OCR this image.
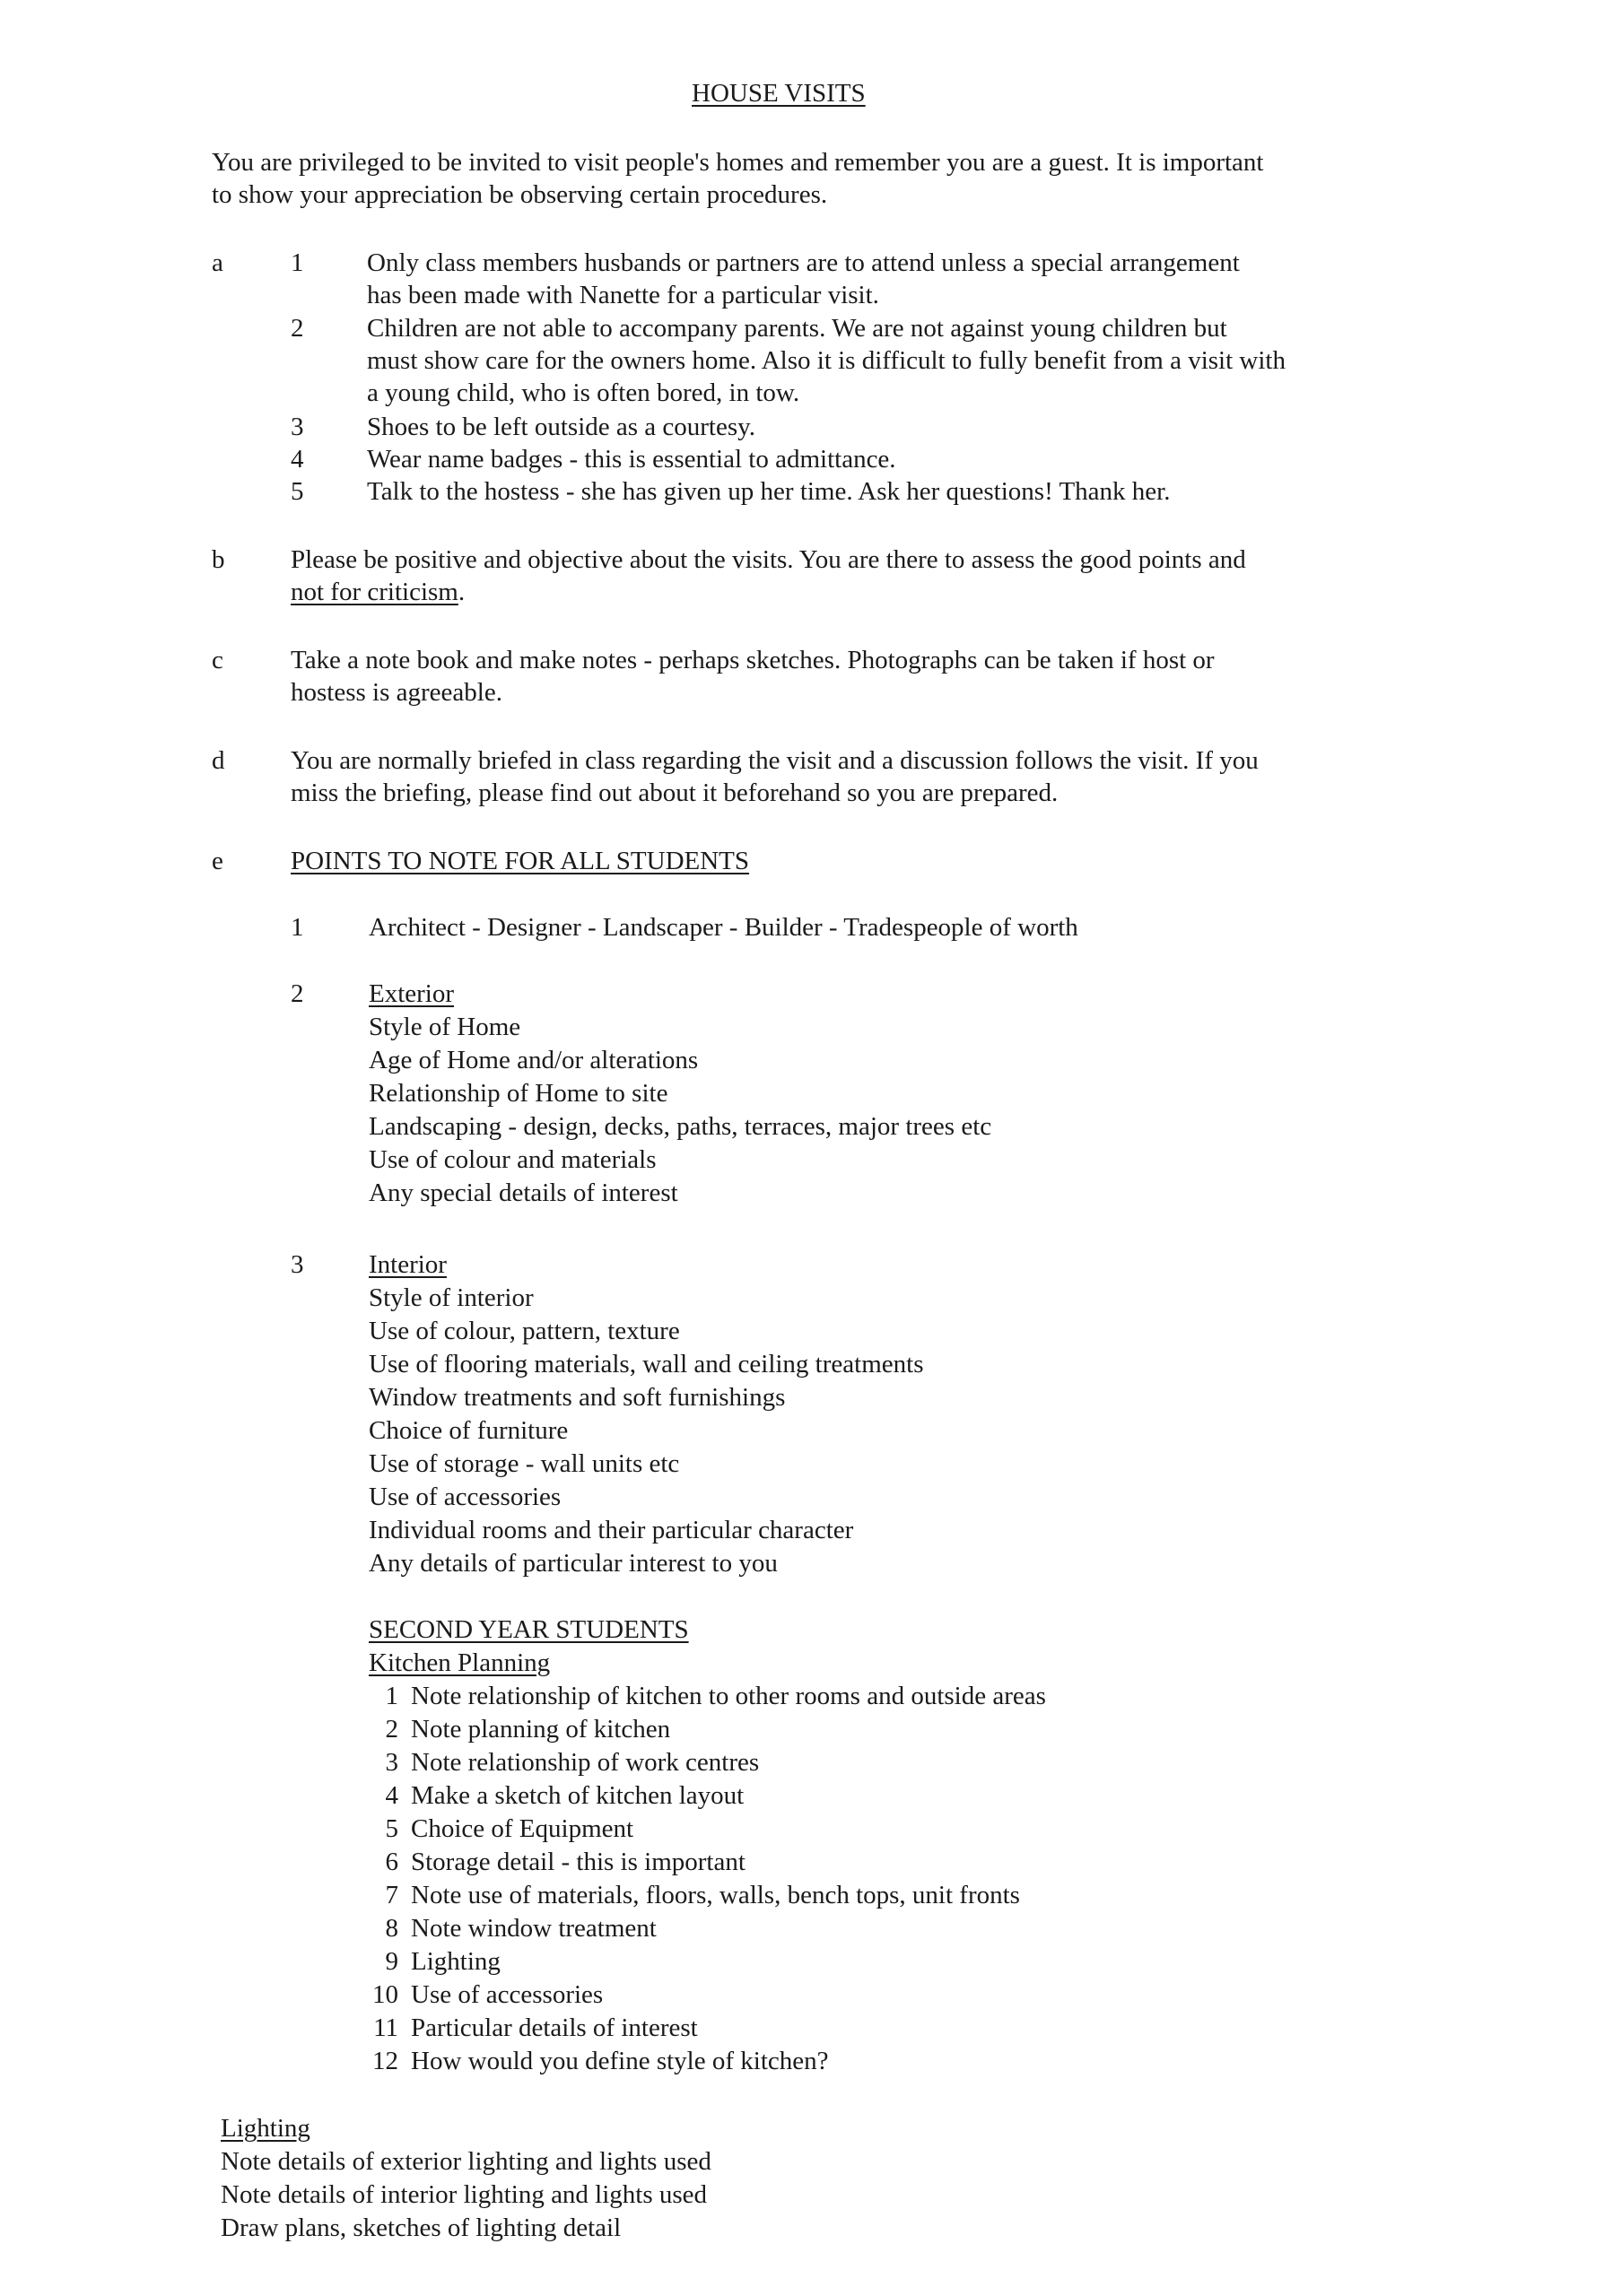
HOUSE VISITS
You are privileged to be invited to visit people's homes and remember you are a guest. It is important
to show your appreciation be observing certain procedures.
a	1 Only class members husbands or partners are to attend unless a special arrangement
has been made with Nanette for a particular visit.
2 Children are not able to accompany parents. We are not against young children but
must show care for the owners home. Also it is difficult to fully benefit from a visit with
a young child, who is often bored, in tow.
3 Shoes to be left outside as a courtesy.
4 Wear name badges - this is essential to admittance.
5 Talk to the hostess - she has given up her time. Ask her questions! Thank her.
b	Please be positive and objective about the visits. You are there to assess the good points and
not for criticism.
c	Take a note book and make notes - perhaps sketches. Photographs can be taken if host or
hostess is agreeable.
d	You are normally briefed in class regarding the visit and a discussion follows the visit. If you
miss the briefing, please find out about it beforehand so you are prepared.
e	POINTS TO NOTE FOR ALL STUDENTS
1	Architect - Designer - Landscaper - Builder - Tradespeople of worth
2	Exterior
Style of Home
Age of Home and/or alterations
Relationship of Home to site
Landscaping - design, decks, paths, terraces, major trees etc
Use of colour and materials
Any special details of interest
3	Interior
Style of interior
Use of colour, pattern, texture
Use of flooring materials, wall and ceiling treatments
Window treatments and soft furnishings
Choice of furniture
Use of storage - wall units etc
Use of accessories
Individual rooms and their particular character
Any details of particular interest to you
SECOND YEAR STUDENTS
Kitchen Planning
1 Note relationship of kitchen to other rooms and outside areas
2 Note planning of kitchen
3 Note relationship of work centres
4 Make a sketch of kitchen layout
5 Choice of Equipment
6 Storage detail - this is important
7 Note use of materials, floors, walls, bench tops, unit fronts
8 Note window treatment
9 Lighting
10 Use of accessories
11 Particular details of interest
12 How would you define style of kitchen?
Lighting
Note details of exterior lighting and lights used
Note details of interior lighting and lights used
Draw plans, sketches of lighting detail
